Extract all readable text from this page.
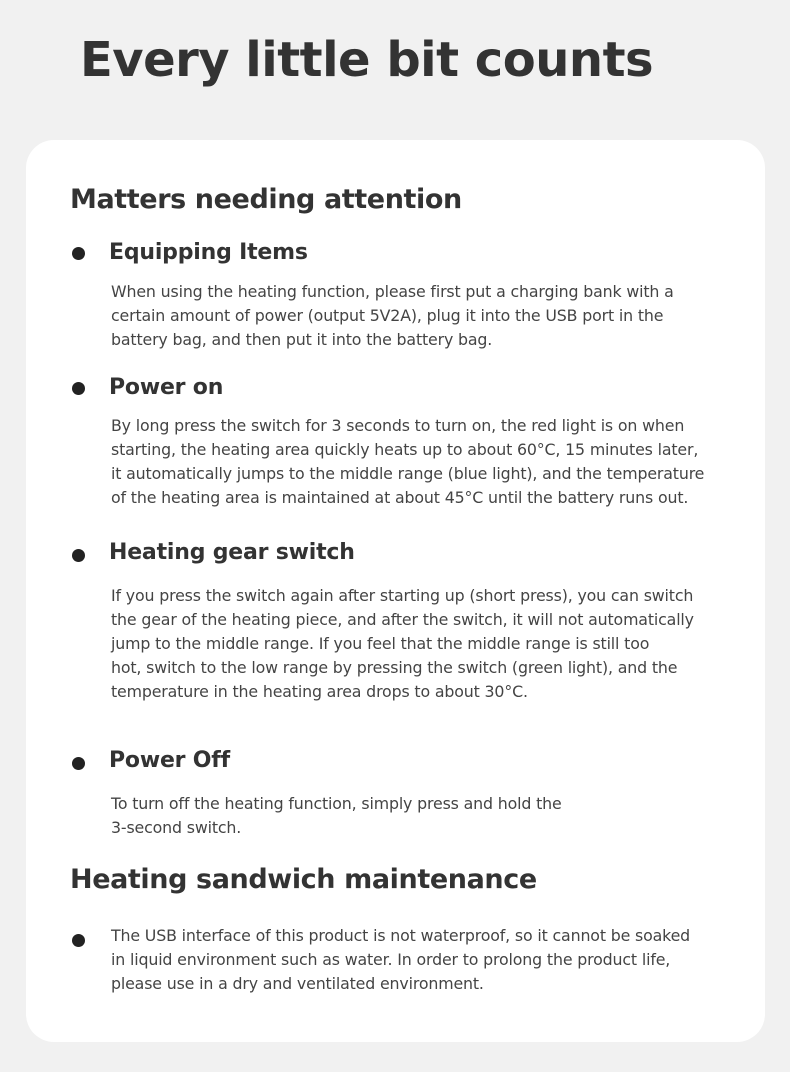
Every little bit counts
Matters needing attention
Equipping Items

When using the heating function, please first put a charging bank with a
certain amount of power (output 5V2A), plug it into the USB port in the
battery bag, and then put it into the battery bag.

Power on

By long press the switch for 3 seconds to turn on, the red light is on when
starting, the heating area quickly heats up to about 60°C, 15 minutes later,
it automatically jumps to the middle range (blue light), and the temperature
of the heating area is maintained at about 45°C until the battery runs out.

Heating gear switch

If you press the switch again after starting up (short press), you can switch
the gear of the heating piece, and after the switch, it will not automatically
jump to the middle range. If you feel that the middle range is still too
hot, switch to the low range by pressing the switch (green light), and the
temperature in the heating area drops to about 30°C.

Power Off

To turn off the heating function, simply press and hold the
3-second switch.

Heating sandwich maintenance

The USB interface of this product is not waterproof, so it cannot be soaked
in liquid environment such as water. In order to prolong the product life,
please use in a dry and ventilated environment.
